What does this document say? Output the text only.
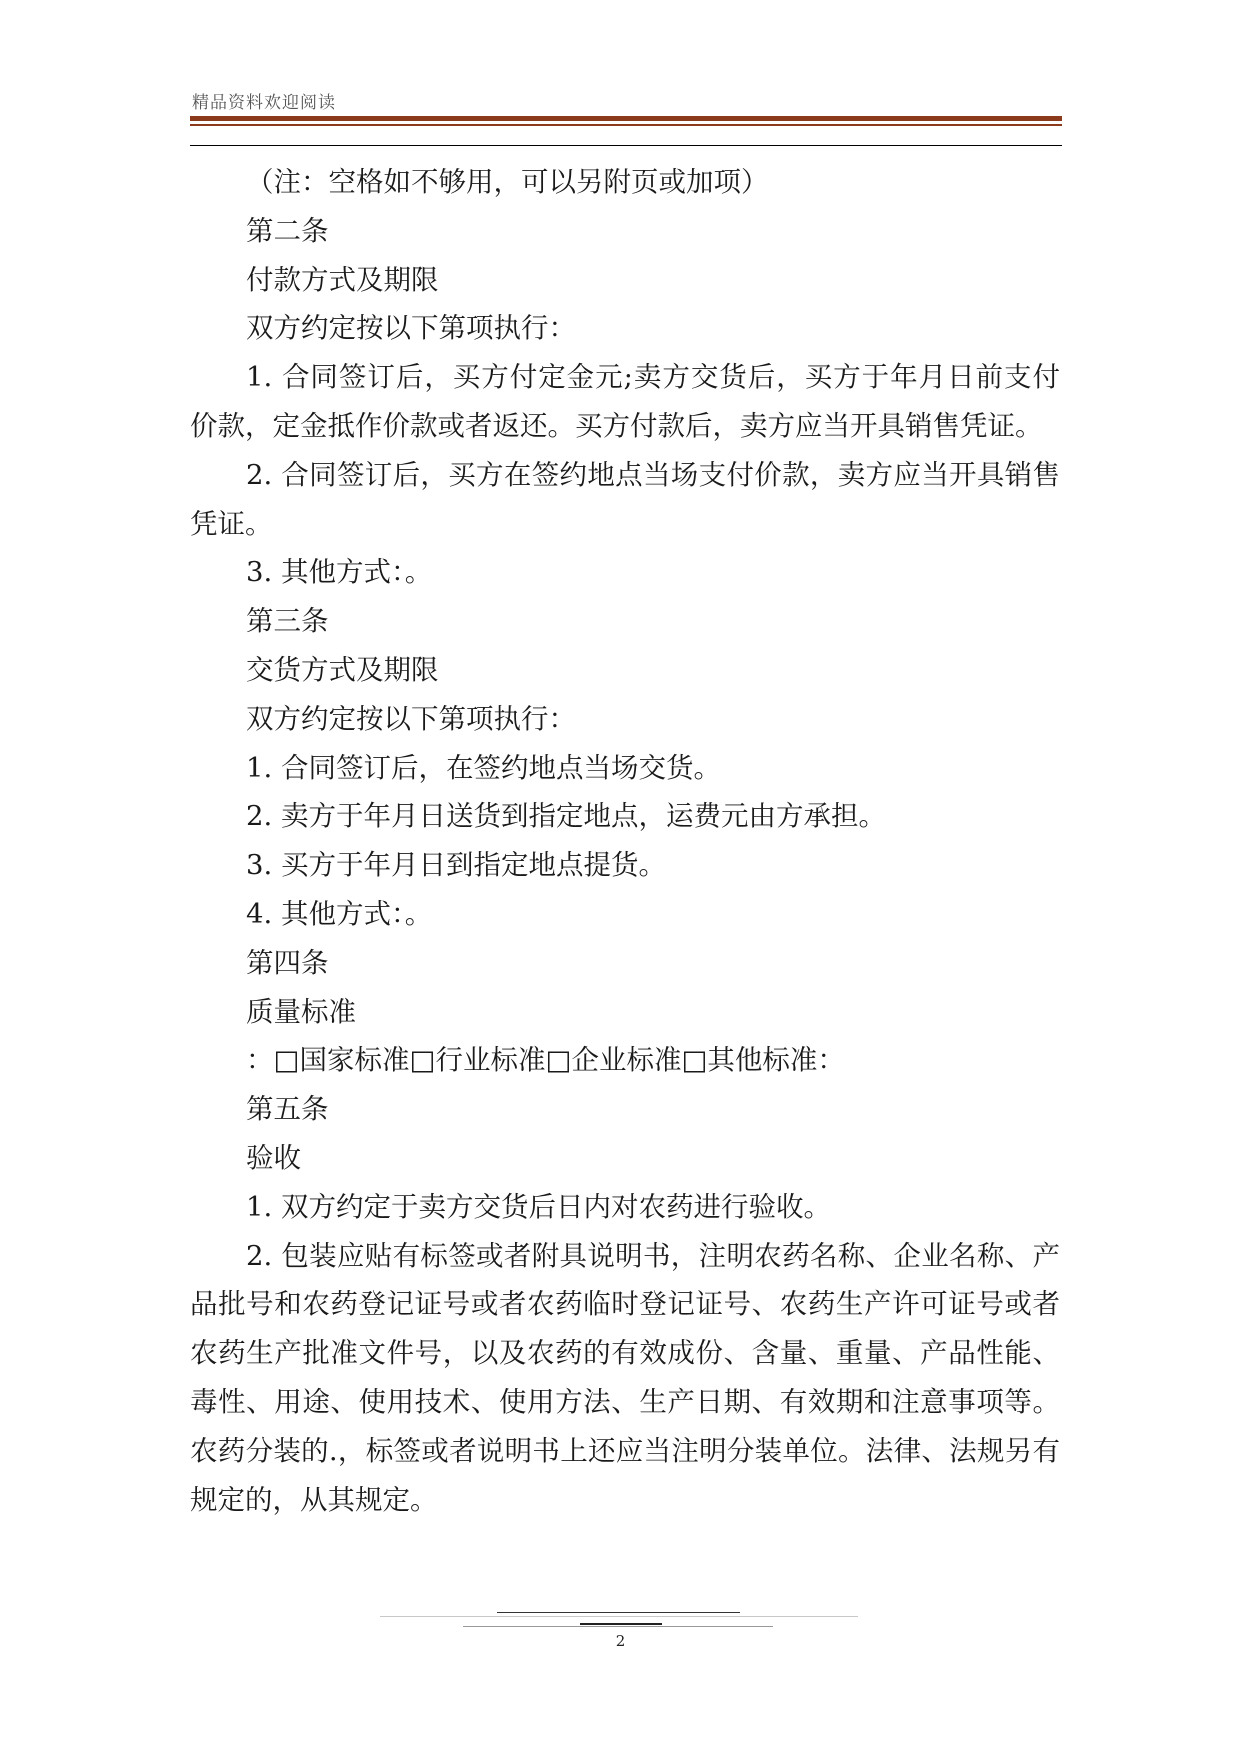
精品资料欢迎阅读

（注：空格如不够用，可以另附页或加项）

第二条

付款方式及期限

双方约定按以下第项执行：

1. 合同签订后，买方付定金元;卖方交货后，买方于年月日前支付价款，定金抵作价款或者返还。买方付款后，卖方应当开具销售凭证。

2. 合同签订后，买方在签约地点当场支付价款，卖方应当开具销售凭证。

3. 其他方式：。

第三条

交货方式及期限

双方约定按以下第项执行：

1. 合同签订后，在签约地点当场交货。

2. 卖方于年月日送货到指定地点，运费元由方承担。

3. 买方于年月日到指定地点提货。

4. 其他方式：。

第四条

质量标准

：□国家标准□行业标准□企业标准□其他标准：

第五条

验收

1. 双方约定于卖方交货后日内对农药进行验收。

2. 包装应贴有标签或者附具说明书，注明农药名称、企业名称、产品批号和农药登记证号或者农药临时登记证号、农药生产许可证号或者农药生产批准文件号，以及农药的有效成份、含量、重量、产品性能、毒性、用途、使用技术、使用方法、生产日期、有效期和注意事项等。农药分装的.，标签或者说明书上还应当注明分装单位。法律、法规另有规定的，从其规定。

2
